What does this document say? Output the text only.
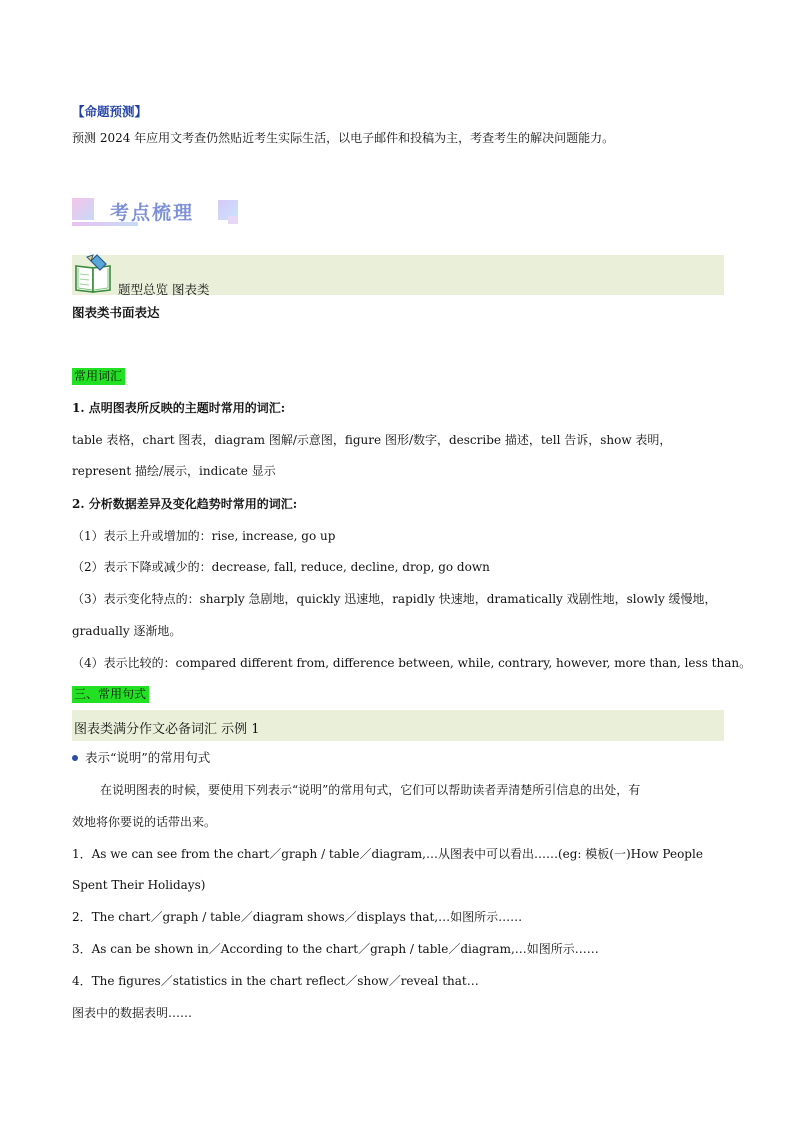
【命题预测】
预测 2024 年应用文考查仍然贴近考生实际生活，以电子邮件和投稿为主，考查考生的解决问题能力。
考点梳理
题型总览 图表类
图表类书面表达
常用词汇
1. 点明图表所反映的主题时常用的词汇:
table 表格，chart 图表，diagram 图解/示意图，figure 图形/数字，describe 描述，tell 告诉，show 表明，
represent 描绘/展示，indicate 显示
2. 分析数据差异及变化趋势时常用的词汇:
（1）表示上升或增加的：rise, increase, go up
（2）表示下降或减少的：decrease, fall, reduce, decline, drop, go down
（3）表示变化特点的：sharply 急剧地，quickly 迅速地，rapidly 快速地，dramatically 戏剧性地，slowly 缓慢地，
gradually 逐渐地。
（4）表示比较的：compared different from, difference between, while, contrary, however, more than, less than。
三、常用句式
图表类满分作文必备词汇 示例 1
表示“说明”的常用句式
在说明图表的时候，要使用下列表示“说明”的常用句式，它们可以帮助读者弄清楚所引信息的出处，有
效地将你要说的话带出来。
1．As we can see from the chart／graph / table／diagram,…从图表中可以看出……(eg: 模板(一)How People
Spent Their Holidays)
2．The chart／graph / table／diagram shows／displays that,…如图所示……
3．As can be shown in／According to the chart／graph / table／diagram,…如图所示……
4．The figures／statistics in the chart reflect／show／reveal that…
图表中的数据表明……
